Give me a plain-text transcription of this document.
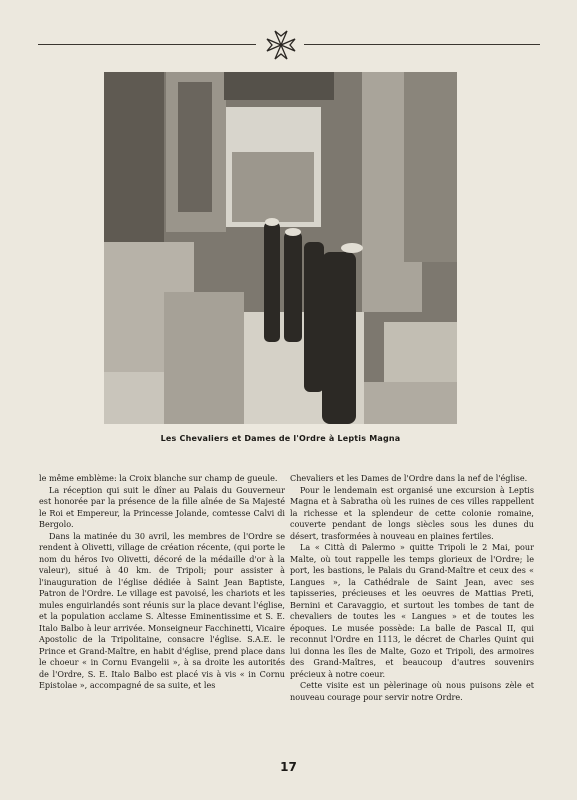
Les Chevaliers et Dames de l'Ordre à Leptis Magna

le même emblème: la Croix blanche sur champ de gueule.

La réception qui suit le dîner au Palais du Gouverneur est honorée par la présence de la fille aînée de Sa Majesté le Roi et Empereur, la Princesse Jolande, comtesse Calvi di Bergolo.

Dans la matinée du 30 avril, les membres de l'Ordre se rendent à Olivetti, village de création récente, (qui porte le nom du héros Ivo Olivetti, décoré de la médaille d'or à la valeur), situé à 40 km. de Tripoli; pour assister à l'inauguration de l'église dédiée à Saint Jean Baptiste, Patron de l'Ordre. Le village est pavoisé, les chariots et les mules enguirlandés sont réunis sur la place devant l'église, et la population acclame S. Altesse Eminentissime et S. E. Italo Balbo à leur arrivée. Monseigneur Facchinetti, Vicaire Apostolic de la Tripolitaine, consacre l'église. S.A.E. le Prince et Grand-Maître, en habit d'église, prend place dans le choeur « in Cornu Evangelii », à sa droite les autorités de l'Ordre, S. E. Italo Balbo est placé vis à vis « in Cornu Epistolae », accompagné de sa suite, et les

Chevaliers et les Dames de l'Ordre dans la nef de l'église.

Pour le lendemain est organisé une excursion à Leptis Magna et à Sabratha où les ruines de ces villes rappellent la richesse et la splendeur de cette colonie romaine, couverte pendant de longs siècles sous les dunes du désert, trasformées à nouveau en plaines fertiles.

La « Città di Palermo » quitte Tripoli le 2 Mai, pour Malte, où tout rappelle les temps glorieux de l'Ordre; le port, les bastions, le Palais du Grand-Maître et ceux des « Langues », la Cathédrale de Saint Jean, avec ses tapisseries, précieuses et les oeuvres de Mattias Preti, Bernini et Caravaggio, et surtout les tombes de tant de chevaliers de toutes les « Langues » et de toutes les époques. Le musée possède: La balle de Pascal II, qui reconnut l'Ordre en 1113, le décret de Charles Quint qui lui donna les îles de Malte, Gozo et Tripoli, des armoires des Grand-Maîtres, et beaucoup d'autres souvenirs précieux à notre coeur.

Cette visite est un pèlerinage où nous puisons zèle et nouveau courage pour servir notre Ordre.

17
